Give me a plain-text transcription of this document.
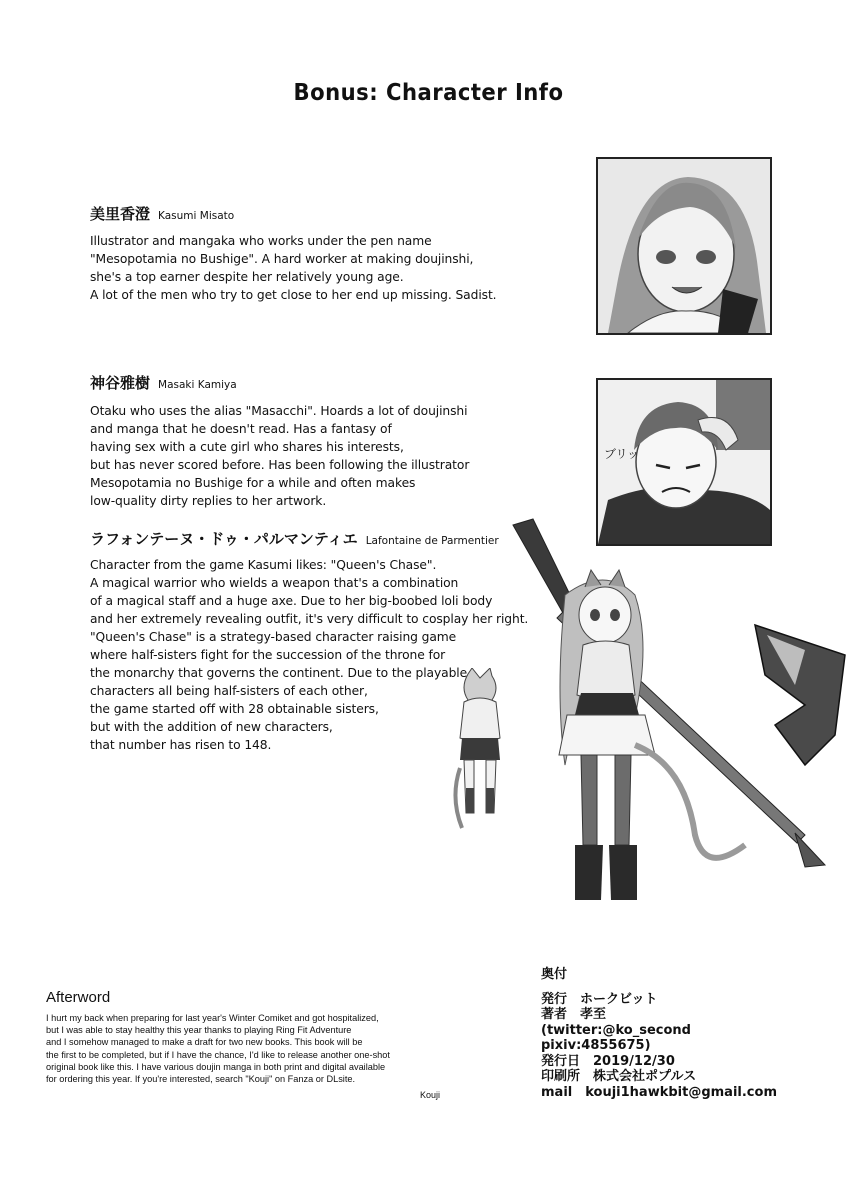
Bonus: Character Info
美里香澄 Kasumi Misato
Illustrator and mangaka who works under the pen name
"Mesopotamia no Bushige". A hard worker at making doujinshi,
she's a top earner despite her relatively young age.
A lot of the men who try to get close to her end up missing. Sadist.
神谷雅樹 Masaki Kamiya
Otaku who uses the alias "Masacchi". Hoards a lot of doujinshi
and manga that he doesn't read. Has a fantasy of
having sex with a cute girl who shares his interests,
but has never scored before. Has been following the illustrator
Mesopotamia no Bushige for a while and often makes
low-quality dirty replies to her artwork.
ブリッ
ラフォンテーヌ・ドゥ・パルマンティエ Lafontaine de Parmentier
Character from the game Kasumi likes: "Queen's Chase".
A magical warrior who wields a weapon that's a combination
of a magical staff and a huge axe. Due to her big-boobed loli body
and her extremely revealing outfit, it's very difficult to cosplay her right.
"Queen's Chase" is a strategy-based character raising game
where half-sisters fight for the succession of the throne for
the monarchy that governs the continent. Due to the playable
characters all being half-sisters of each other,
the game started off with 28 obtainable sisters,
but with the addition of new characters,
that number has risen to 148.
Afterword
I hurt my back when preparing for last year's Winter Comiket and got hospitalized,
but I was able to stay healthy this year thanks to playing Ring Fit Adventure
and I somehow managed to make a draft for two new books. This book will be
the first to be completed, but if I have the chance, I'd like to release another one-shot
original book like this. I have various doujin manga in both print and digital available
for ordering this year. If you're interested, search "Kouji" on Fanza or DLsite.
Kouji
奥付
発行　ホークビット
著者　孝至
(twitter:@ko_second
pixiv:4855675)
発行日　2019/12/30
印刷所　株式会社ポプルス
mail　kouji1hawkbit@gmail.com
